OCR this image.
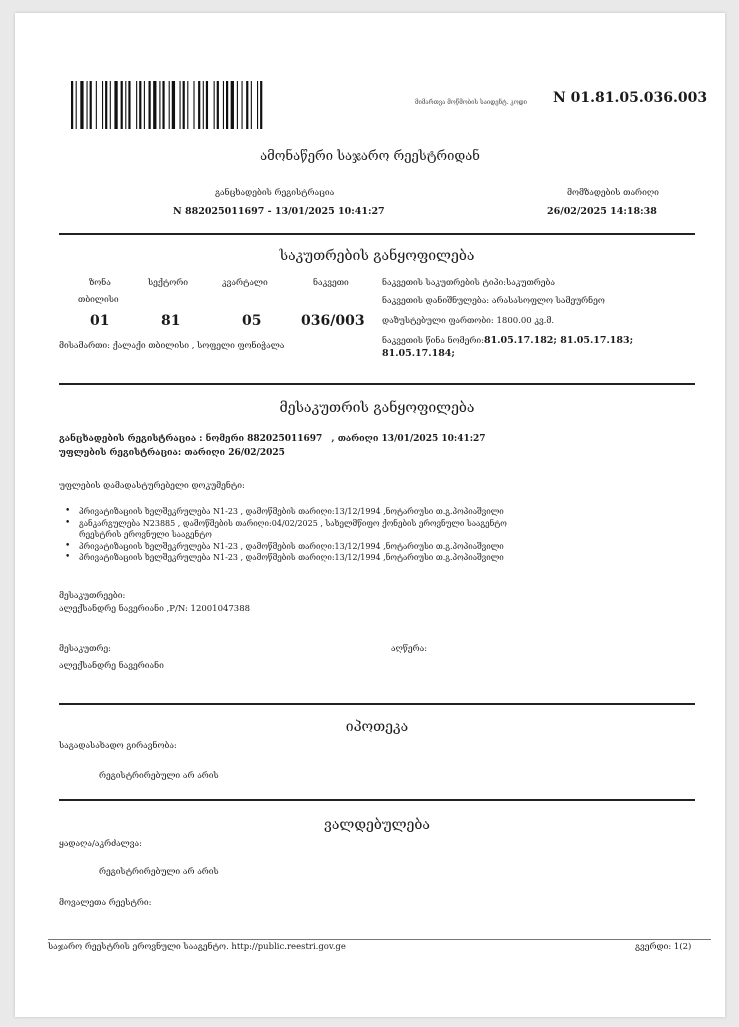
მიმართვა მოწმობის საიდენტ. კოდი N 01.81.05.036.003
ამონაწერი საჯარო რეესტრიდან
განცხადების რეგისტრაცია
N 882025011697 - 13/01/2025 10:41:27
მომზადების თარიღი
26/02/2025 14:18:38
საკუთრების განყოფილება
ზონა	სექტორი	კვარტალი	ნაკვეთი
თბილისი
01	81	05	036/003
მისამართი: ქალაქი თბილისი , სოფელი ფონიჭალა
ნაკვეთის საკუთრების ტიპი:საკუთრება
ნაკვეთის დანიშნულება: არასასოფლო სამეურნეო
დაზუსტებული ფართობი: 1800.00 კვ.მ.
ნაკვეთის წინა ნომერი:81.05.17.182; 81.05.17.183;
81.05.17.184;
მესაკუთრის განყოფილება
განცხადების რეგისტრაცია : ნომერი 882025011697 , თარიღი 13/01/2025 10:41:27
უფლების რეგისტრაცია: თარიღი 26/02/2025
უფლების დამადასტურებელი დოკუმენტი:
• პრივატიზაციის ხელშეკრულება N1-23 , დამოწმების თარიღი:13/12/1994 ,ნოტარიუსი თ.გ.პოპიაშვილი
• განკარგულება N23885 , დამოწმების თარიღი:04/02/2025 , სახელმწიფო ქონების ეროვნული სააგენტო
რეესტრის ეროვნული სააგენტო
• პრივატიზაციის ხელშეკრულება N1-23 , დამოწმების თარიღი:13/12/1994 ,ნოტარიუსი თ.გ.პოპიაშვილი
• პრივატიზაციის ხელშეკრულება N1-23 , დამოწმების თარიღი:13/12/1994 ,ნოტარიუსი თ.გ.პოპიაშვილი
მესაკუთრეები:
ალექსანდრე ნავერიანი ,P/N: 12001047388
მესაკუთრე:	აღწერა:
ალექსანდრე ნავერიანი
იპოთეკა
საგადასახადო გირავნობა:
რეგისტრირებული არ არის
ვალდებულება
ყადაღა/აკრძალვა:
რეგისტრირებული არ არის
მოვალეთა რეესტრი:
საჯარო რეესტრის ეროვნული სააგენტო. http://public.reestri.gov.ge	გვერდი: 1(2)
